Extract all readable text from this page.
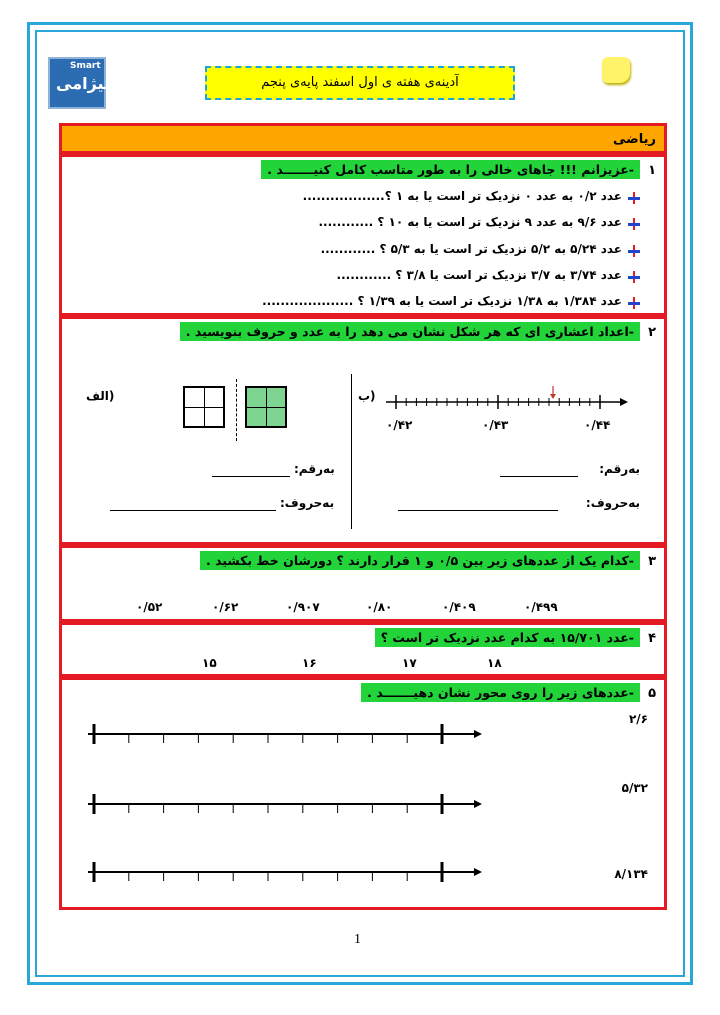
Smart
نیژامی	آدینه‌ی هفته ی اول اسفند پایه‌ی پنجم
ریاضی
۱
-عزیزانم !!! جاهای خالی را به طور متاسب کامل کنیـــــــد .
عدد ۰/۲ به عدد ۰ نزدیک تر است یا به ۱ ؟..................
عدد ۹/۶ به عدد ۹ نزدیک تر است یا به ۱۰ ؟ ............
عدد ۵/۲۴ به ۵/۲ نزدیک تر است یا به ۵/۳ ؟ ............
عدد ۳/۷۴ به ۳/۷ نزدیک تر است یا ۳/۸ ؟ ............
عدد ۱/۳۸۴ به ۱/۳۸ نزدیک تر است یا به ۱/۳۹ ؟ ....................
۲
-اعداد اعشاری ای که هر شکل نشان می دهد را به عدد و حروف بنویسید .
(ب
۰/۴۲	۰/۴۳	۰/۴۴
به‌رقم:
به‌حروف:
(الف
به‌رقم:
به‌حروف:
۳
-کدام یک از عددهای زیر بین ۰/۵ و ۱ قرار دارند ؟ دورشان خط بکشید .
۰/۴۹۹
۰/۴۰۹
۰/۸۰
۰/۹۰۷
۰/۶۲
۰/۵۲
۴
-عدد ۱۵/۷۰۱ به کدام عدد نزدیک تر است ؟
۱۸
۱۷
۱۶
۱۵
۵
-عددهای زیر را روی محور نشان دهیـــــــد .
۲/۶
۵/۳۲
۸/۱۳۴
1
